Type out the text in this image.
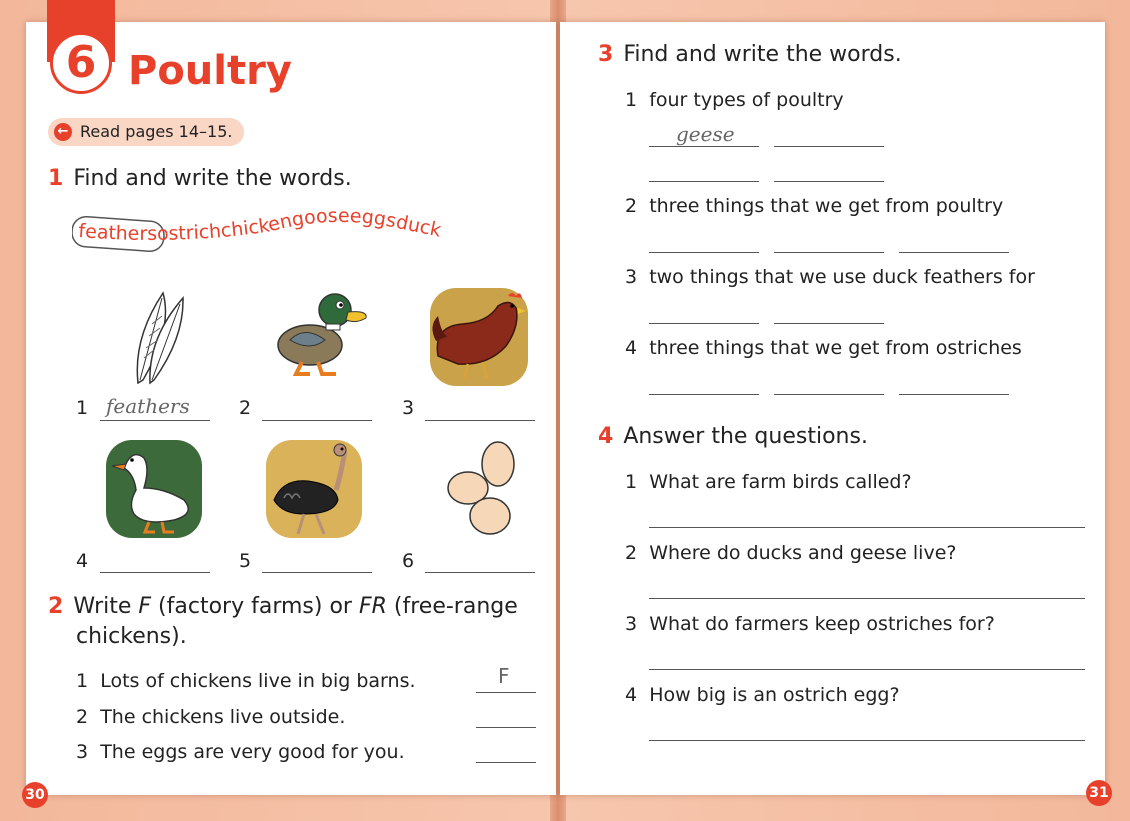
6 Poultry
← Read pages 14–15.
1 Find and write the words.
feathersostrichchickengooseeggsduck
1 feathers	2	3
4	5	6
2 Write F (factory farms) or FR (free-range
chickens).
1 Lots of chickens live in big barns.	F
2 The chickens live outside.
3 The eggs are very good for you.
3 Find and write the words.
1 four types of poultry
geese
2 three things that we get from poultry
3 two things that we use duck feathers for
4 three things that we get from ostriches
4 Answer the questions.
1 What are farm birds called?
2 Where do ducks and geese live?
3 What do farmers keep ostriches for?
4 How big is an ostrich egg?
30	31
